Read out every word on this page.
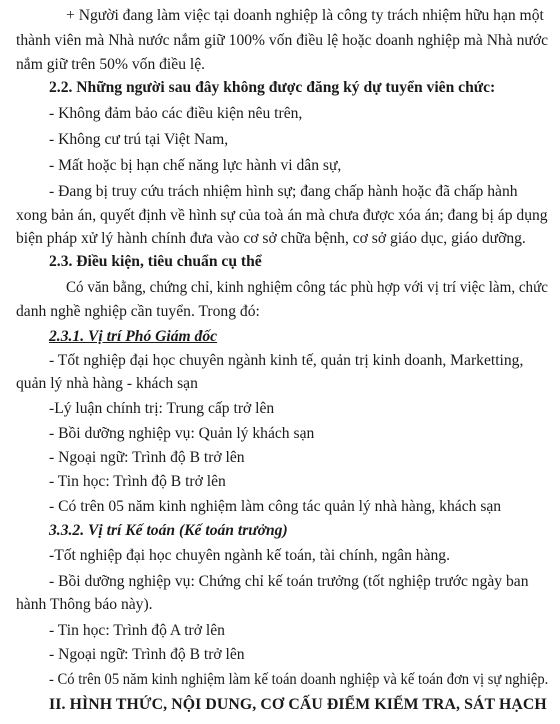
+ Người đang làm việc tại doanh nghiệp là công ty trách nhiệm hữu hạn một
thành viên mà Nhà nước nắm giữ 100% vốn điều lệ hoặc doanh nghiệp mà Nhà nước
nắm giữ trên 50% vốn điều lệ.
2.2. Những người sau đây không được đăng ký dự tuyển viên chức:
- Không đảm bảo các điều kiện nêu trên,
- Không cư trú tại Việt Nam,
- Mất hoặc bị hạn chế năng lực hành vi dân sự,
- Đang bị truy cứu trách nhiệm hình sự; đang chấp hành hoặc đã chấp hành
xong bản án, quyết định về hình sự của toà án mà chưa được xóa án; đang bị áp dụng
biện pháp xử lý hành chính đưa vào cơ sở chữa bệnh, cơ sở giáo dục, giáo dưỡng.
2.3. Điều kiện, tiêu chuẩn cụ thể
Có văn bằng, chứng chỉ, kinh nghiệm công tác phù hợp với vị trí việc làm, chức
danh nghề nghiệp cần tuyển. Trong đó:
2.3.1. Vị trí Phó Giám đốc
- Tốt nghiệp đại học chuyên ngành kinh tế, quản trị kinh doanh, Marketting,
quản lý nhà hàng - khách sạn
-Lý luận chính trị: Trung cấp trở lên
- Bồi dưỡng nghiệp vụ: Quản lý khách sạn
- Ngoại ngữ: Trình độ B trở lên
- Tin học: Trình độ B trở lên
- Có trên 05 năm kinh nghiệm làm công tác quản lý nhà hàng, khách sạn
3.3.2. Vị trí Kế toán (Kế toán trưởng)
-Tốt nghiệp đại học chuyên ngành kế toán, tài chính, ngân hàng.
- Bồi dưỡng nghiệp vụ: Chứng chỉ kế toán trưởng (tốt nghiệp trước ngày ban
hành Thông báo này).
- Tin học: Trình độ A trở lên
- Ngoại ngữ: Trình độ B trở lên
- Có trên 05 năm kinh nghiệm làm kế toán doanh nghiệp và kế toán đơn vị sự nghiệp.
II. HÌNH THỨC, NỘI DUNG, CƠ CẤU ĐIỂM KIỂM TRA, SÁT HẠCH
